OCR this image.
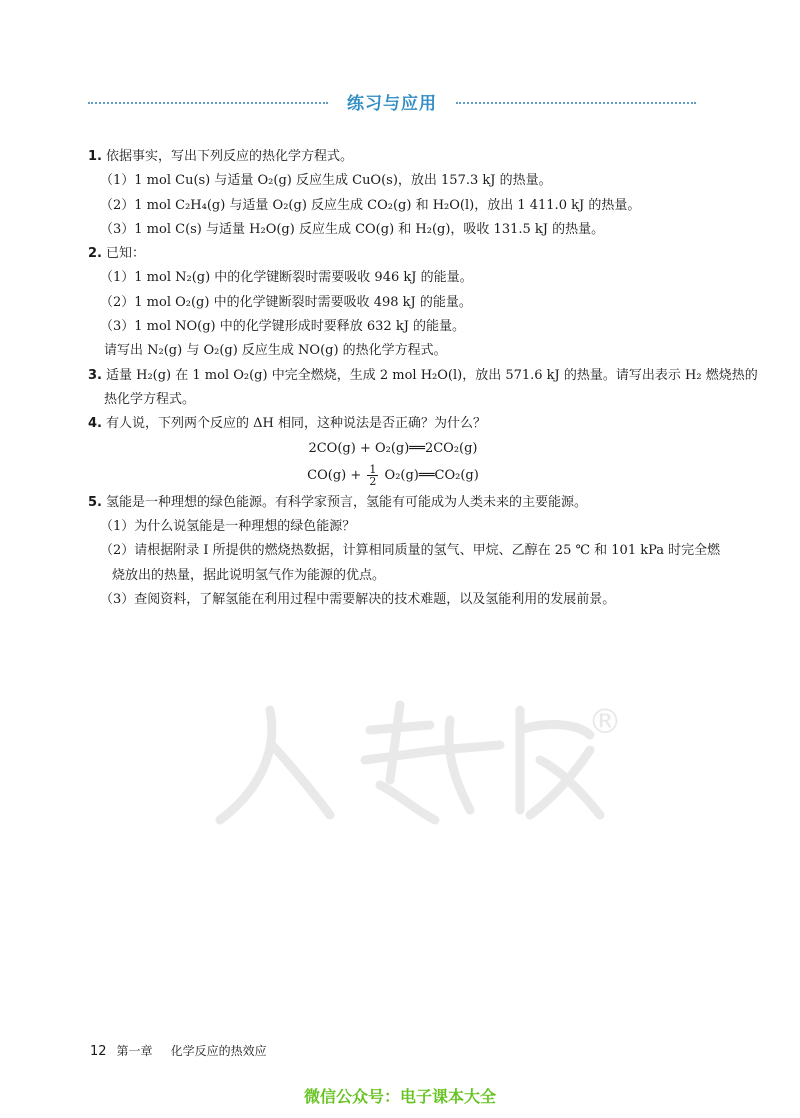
练习与应用
1. 依据事实，写出下列反应的热化学方程式。
（1）1 mol Cu(s) 与适量 O₂(g) 反应生成 CuO(s)，放出 157.3 kJ 的热量。
（2）1 mol C₂H₄(g) 与适量 O₂(g) 反应生成 CO₂(g) 和 H₂O(l)，放出 1 411.0 kJ 的热量。
（3）1 mol C(s) 与适量 H₂O(g) 反应生成 CO(g) 和 H₂(g)，吸收 131.5 kJ 的热量。
2. 已知：
（1）1 mol N₂(g) 中的化学键断裂时需要吸收 946 kJ 的能量。
（2）1 mol O₂(g) 中的化学键断裂时需要吸收 498 kJ 的能量。
（3）1 mol NO(g) 中的化学键形成时要释放 632 kJ 的能量。
请写出 N₂(g) 与 O₂(g) 反应生成 NO(g) 的热化学方程式。
3. 适量 H₂(g) 在 1 mol O₂(g) 中完全燃烧，生成 2 mol H₂O(l)，放出 571.6 kJ 的热量。请写出表示 H₂ 燃烧热的
热化学方程式。
4. 有人说，下列两个反应的 ΔH 相同，这种说法是否正确？为什么？
2CO(g) + O₂(g)══2CO₂(g)
$CO(g) + \frac{1}{2}$ O₂(g)══CO₂(g)
5. 氢能是一种理想的绿色能源。有科学家预言，氢能有可能成为人类未来的主要能源。
（1）为什么说氢能是一种理想的绿色能源？
（2）请根据附录 Ⅰ 所提供的燃烧热数据，计算相同质量的氢气、甲烷、乙醇在 25 ℃ 和 101 kPa 时完全燃
烧放出的热量，据此说明氢气作为能源的优点。
（3）查阅资料，了解氢能在利用过程中需要解决的技术难题，以及氢能利用的发展前景。
®
12 第一章 化学反应的热效应
微信公众号：电子课本大全
